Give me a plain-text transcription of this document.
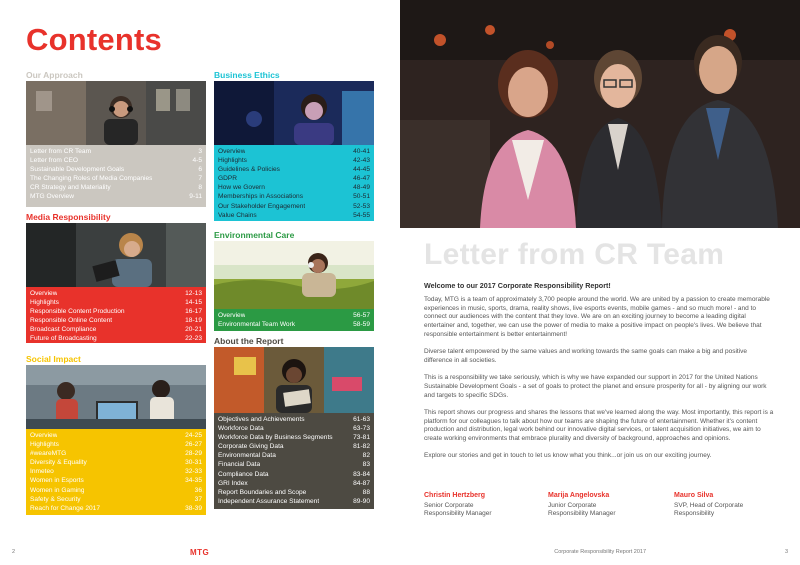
Contents
Our Approach
Letter from CR Team	3
Letter from CEO	4-5
Sustainable Development Goals	6
The Changing Roles of Media Companies	7
CR Strategy and Materiality	8
MTG Overview	9-11
Media Responsibility
Overview	12-13
Highlights	14-15
Responsible Content Production	16-17
Responsible Online Content	18-19
Broadcast Compliance	20-21
Future of Broadcasting	22-23
Social Impact
Overview	24-25
Highlights	26-27
#wearеMTG	28-29
Diversity & Equality	30-31
Inmeteo	32-33
Women in Esports	34-35
Women in Gaming	36
Safety & Security	37
Reach for Change 2017	38-39
Business Ethics
Overview	40-41
Highlights	42-43
Guidelines & Policies	44-45
GDPR	46-47
How we Govern	48-49
Memberships in Associations	50-51
Our Stakeholder Engagement	52-53
Value Chains	54-55
Environmental Care
Overview	56-57
Environmental Team Work	58-59
About the Report
Objectives and Achievements	61-63
Workforce Data	63-73
Workforce Data by Business Segments	73-81
Corporate Giving Data	81-82
Environmental Data	82
Financial Data	83
Compliance Data	83-84
GRI Index	84-87
Report Boundaries and Scope	88
Independent Assurance Statement	89-90
2	MTG
Letter from CR Team
Welcome to our 2017 Corporate Responsibility Report!

Today, MTG is a team of approximately 3,700 people around the world. We are united by a passion to create memorable experiences in music, sports, drama, reality shows, live esports events, mobile games - and so much more! - and to connect our audiences with the content that they love. We are on an exciting journey to become a leading digital entertainer and, together, we can use the power of media to make a positive impact on people's lives. We believe that responsible entertainment is better entertainment!

Diverse talent empowered by the same values and working towards the same goals can make a big and positive difference in all societies.

This is a responsibility we take seriously, which is why we have expanded our support in 2017 for the United Nations Sustainable Development Goals - a set of goals to protect the planet and ensure prosperity for all - by aligning our work and targets to specific SDGs.

This report shows our progress and shares the lessons that we've learned along the way. Most importantly, this report is a platform for our colleagues to talk about how our teams are shaping the future of entertainment. Whether it's content production and distribution, legal work behind our innovative digital services, or talent acquisition initiatives, we aim to create working environments that embrace plurality and diversity of background, approaches and opinions.

Explore our stories and get in touch to let us know what you think...or join us on our exciting journey.

Christin Hertzberg
Senior Corporate
Responsibility Manager
Marija Angelovska
Junior Corporate
Responsibility Manager
Mauro Silva
SVP, Head of Corporate
Responsibility
Corporate Responsibility Report 2017	3
